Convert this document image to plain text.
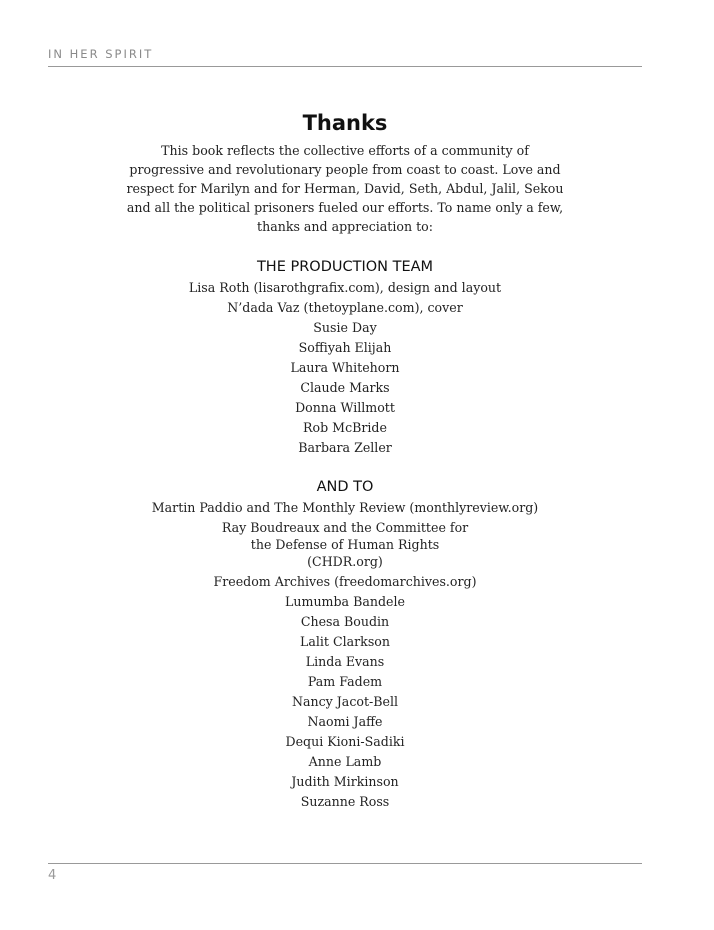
IN HER SPIRIT
Thanks

This book reflects the collective efforts of a community of progressive and revolutionary people from coast to coast. Love and respect for Marilyn and for Herman, David, Seth, Abdul, Jalil, Sekou and all the political prisoners fueled our efforts. To name only a few, thanks and appreciation to:

THE PRODUCTION TEAM
Lisa Roth (lisarothgrafix.com), design and layout
N’dada Vaz (thetoyplane.com), cover
Susie Day
Soffiyah Elijah
Laura Whitehorn
Claude Marks
Donna Willmott
Rob McBride
Barbara Zeller
AND TO
Martin Paddio and The Monthly Review (monthlyreview.org)
Ray Boudreaux and the Committee for the Defense of Human Rights (CHDR.org)
Freedom Archives (freedomarchives.org)
Lumumba Bandele
Chesa Boudin
Lalit Clarkson
Linda Evans
Pam Fadem
Nancy Jacot-Bell
Naomi Jaffe
Dequi Kioni-Sadiki
Anne Lamb
Judith Mirkinson
Suzanne Ross
4
